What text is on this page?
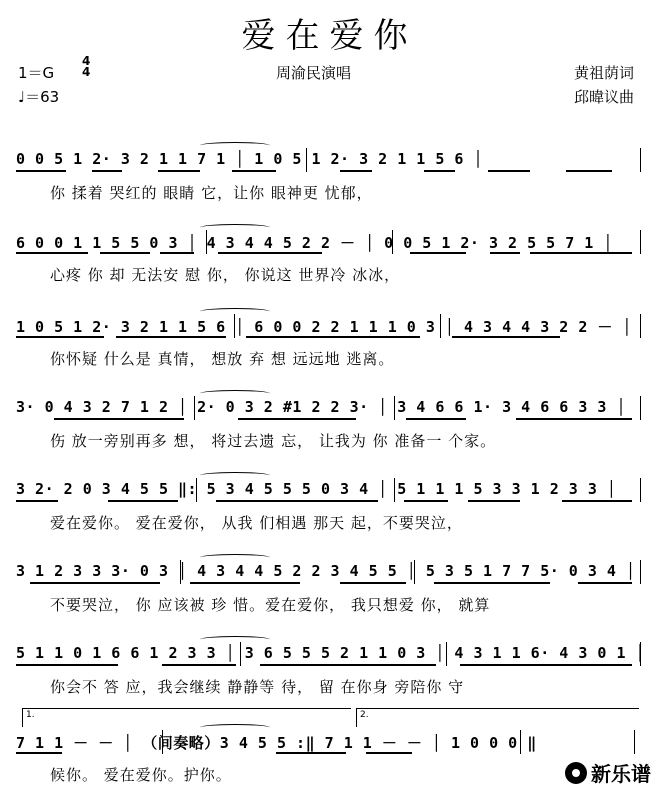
爱在爱你
1＝G
4
4
♩＝63
周渝民演唱	黄祖荫词
邱暐议曲
0 0 5 1 2· 3 2 1 1 7 1 │ 1 0 5 1 2· 3 2 1 1 5 6 │
你 揉着 哭红的 眼睛 它，让你 眼神更 忧郁，
6 0 0 1 1 5 5 0 3 │ 4 3 4 4 5 2 2 － │ 0 0 5 1 2· 3 2 5 5 7 1 │
心疼 你 却 无法安 慰 你， 你说这 世界冷 冰冰，
1 0 5 1 2· 3 2 1 1 5 6 │ 6 0 0 2 2 1 1 1 0 3 │ 4 3 4 4 3 2 2 － │
你怀疑 什么是 真情， 想放 弃 想 远远地 逃离。
3· 0 4 3 2 7 1 2 │ 2· 0 3 2 #1 2 2 3· │ 3 4 6 6 1· 3 4 6 6 3 3 │
伤 放一旁别再多 想， 将过去遗 忘， 让我为 你 准备一 个家。
3 2· 2 0 3 4 5 5 ‖: 5 3 4 5 5 5 0 3 4 │ 5 1 1 1 5 3 3 1 2 3 3 │
爱在爱你。 爱在爱你， 从我 们相遇 那天 起，不要哭泣，
3 1 2 3 3 3· 0 3 │ 4 3 4 4 5 2 2 3 4 5 5 │ 5 3 5 1 7 7 5· 0 3 4 │
不要哭泣， 你 应该被 珍 惜。爱在爱你， 我只想爱 你， 就算
5 1 1 0 1 6 6 1 2 3 3 │ 3 6 5 5 5 2 1 1 0 3 │ 4 3 1 1 6· 4 3 0 1 │
你会不 答 应，我会继续 静静等 待， 留 在你身 旁陪你 守
7 1 1 － － │ （间奏略）3 4 5 5 :‖ 7 1 1 － － │ 1 0 0 0 ‖
候你。 爱在爱你。护你。
1.	2.
新乐谱
